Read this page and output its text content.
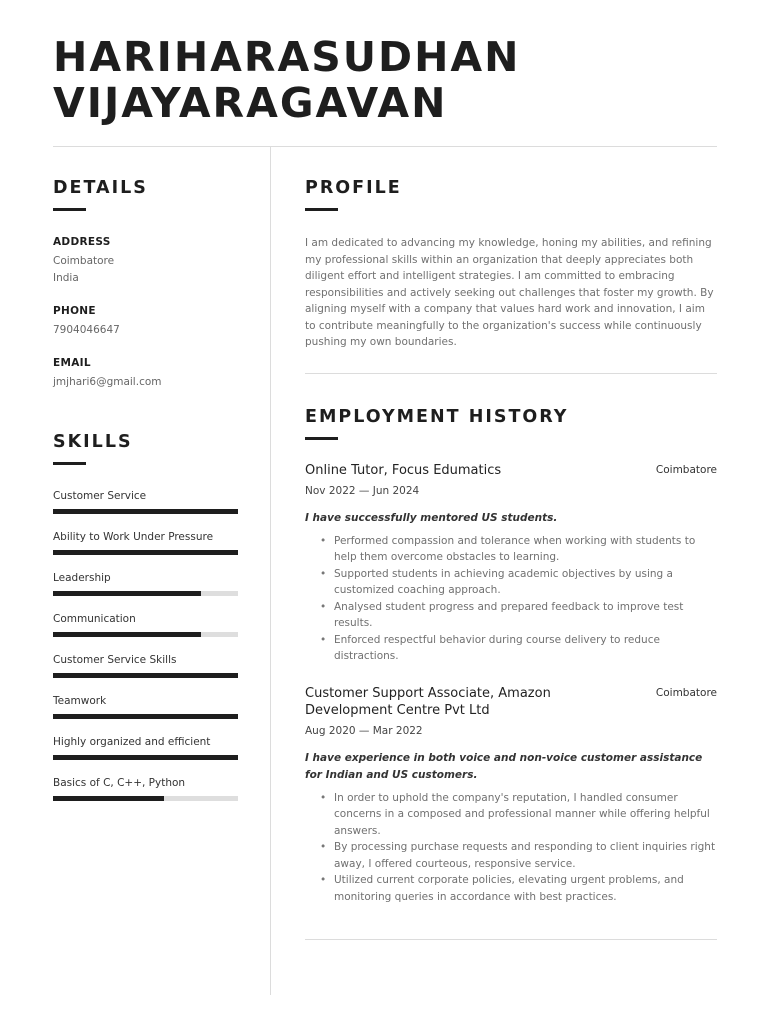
HARIHARASUDHAN
VIJAYARAGAVAN
DETAILS
ADDRESS
Coimbatore
India
PHONE
7904046647
EMAIL
jmjhari6@gmail.com
SKILLS
Customer Service
Ability to Work Under Pressure
Leadership
Communication
Customer Service Skills
Teamwork
Highly organized and efficient
Basics of C, C++, Python
PROFILE
I am dedicated to advancing my knowledge, honing my abilities, and refining my professional skills within an organization that deeply appreciates both diligent effort and intelligent strategies. I am committed to embracing responsibilities and actively seeking out challenges that foster my growth. By aligning myself with a company that values hard work and innovation, I aim to contribute meaningfully to the organization's success while continuously pushing my own boundaries.
EMPLOYMENT HISTORY
Online Tutor, Focus Edumatics	Coimbatore
Nov 2022 — Jun 2024
I have successfully mentored US students.
• Performed compassion and tolerance when working with students to help them overcome obstacles to learning.
• Supported students in achieving academic objectives by using a customized coaching approach.
• Analysed student progress and prepared feedback to improve test results.
• Enforced respectful behavior during course delivery to reduce distractions.
Customer Support Associate, Amazon Development Centre Pvt Ltd
Coimbatore
Aug 2020 — Mar 2022
I have experience in both voice and non-voice customer assistance for Indian and US customers.
• In order to uphold the company's reputation, I handled consumer concerns in a composed and professional manner while offering helpful answers.
• By processing purchase requests and responding to client inquiries right away, I offered courteous, responsive service.
• Utilized current corporate policies, elevating urgent problems, and monitoring queries in accordance with best practices.
